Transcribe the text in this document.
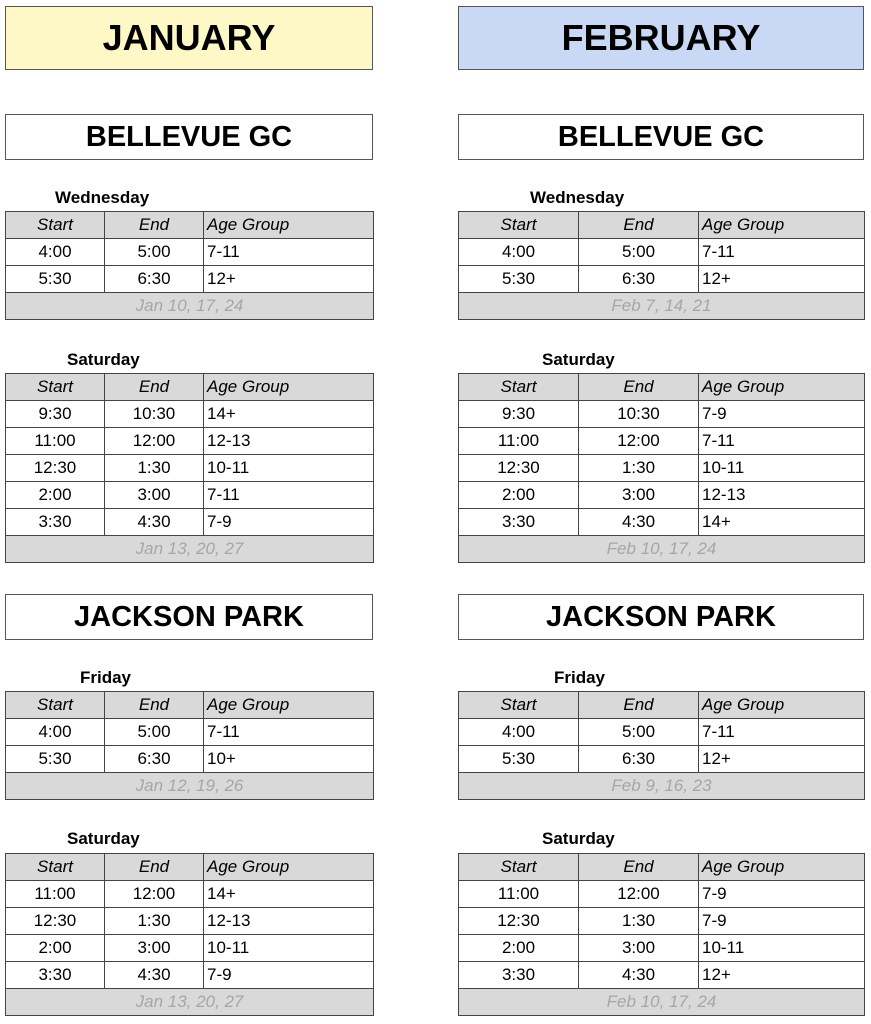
JANUARY
BELLEVUE GC
Wednesday
Start	End	Age Group
4:00	5:00	7-11
5:30	6:30	12+
Jan 10, 17, 24		
Saturday
Start	End	Age Group
9:30	10:30	14+
11:00	12:00	12-13
12:30	1:30	10-11
2:00	3:00	7-11
3:30	4:30	7-9
Jan 13, 20, 27		
JACKSON PARK
Friday
Start	End	Age Group
4:00	5:00	7-11
5:30	6:30	10+
Jan 12, 19, 26		
Saturday
Start	End	Age Group
11:00	12:00	14+
12:30	1:30	12-13
2:00	3:00	10-11
3:30	4:30	7-9
Jan 13, 20, 27		
FEBRUARY
BELLEVUE GC
Wednesday
Start	End	Age Group
4:00	5:00	7-11
5:30	6:30	12+
Feb 7, 14, 21		
Saturday
Start	End	Age Group
9:30	10:30	7-9
11:00	12:00	7-11
12:30	1:30	10-11
2:00	3:00	12-13
3:30	4:30	14+
Feb 10, 17, 24		
JACKSON PARK
Friday
Start	End	Age Group
4:00	5:00	7-11
5:30	6:30	12+
Feb 9, 16, 23		
Saturday
Start	End	Age Group
11:00	12:00	7-9
12:30	1:30	7-9
2:00	3:00	10-11
3:30	4:30	12+
Feb 10, 17, 24		
